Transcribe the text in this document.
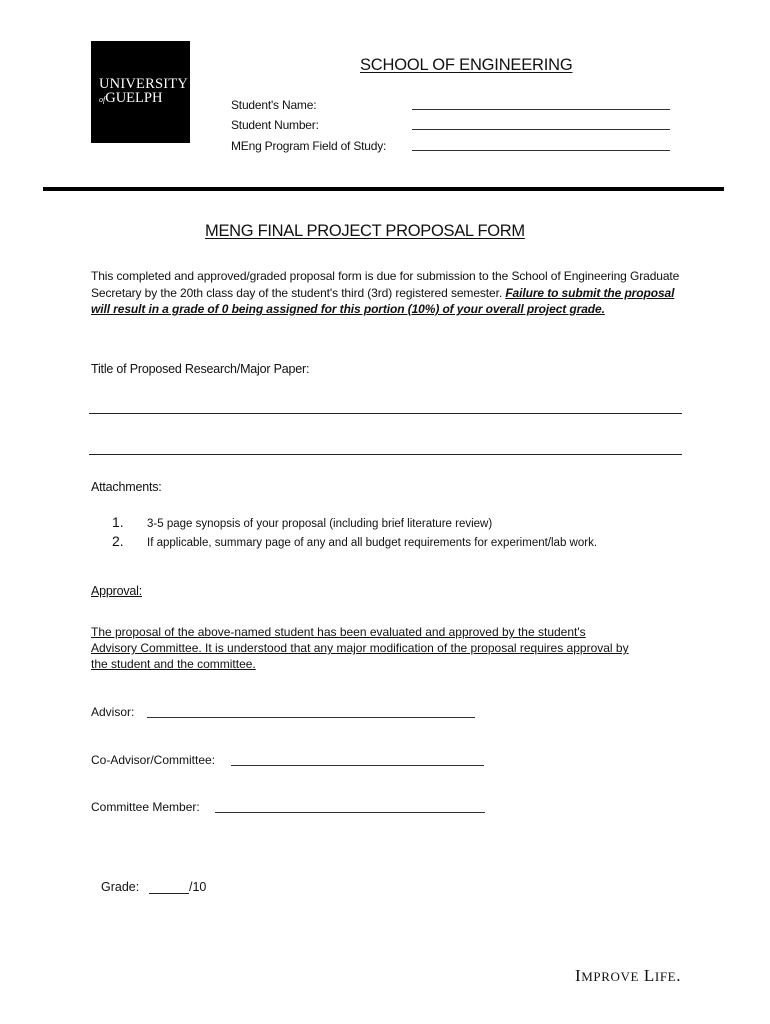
UNIVERSITY
ofGUELPH
SCHOOL OF ENGINEERING
Student's Name:
Student Number:
MEng Program Field of Study:
MENG FINAL PROJECT PROPOSAL FORM
This completed and approved/graded proposal form is due for submission to the School of Engineering Graduate Secretary by the 20th class day of the student's third (3rd) registered semester. Failure to submit the proposal will result in a grade of 0 being assigned for this portion (10%) of your overall project grade.
Title of Proposed Research/Major Paper:
Attachments:
1. 3-5 page synopsis of your proposal (including brief literature review)
2. If applicable, summary page of any and all budget requirements for experiment/lab work.
Approval:
The proposal of the above-named student has been evaluated and approved by the student's Advisory Committee. It is understood that any major modification of the proposal requires approval by the student and the committee.
Advisor:
Co-Advisor/Committee:
Committee Member:
Grade:	/10
IMPROVE LIFE.
